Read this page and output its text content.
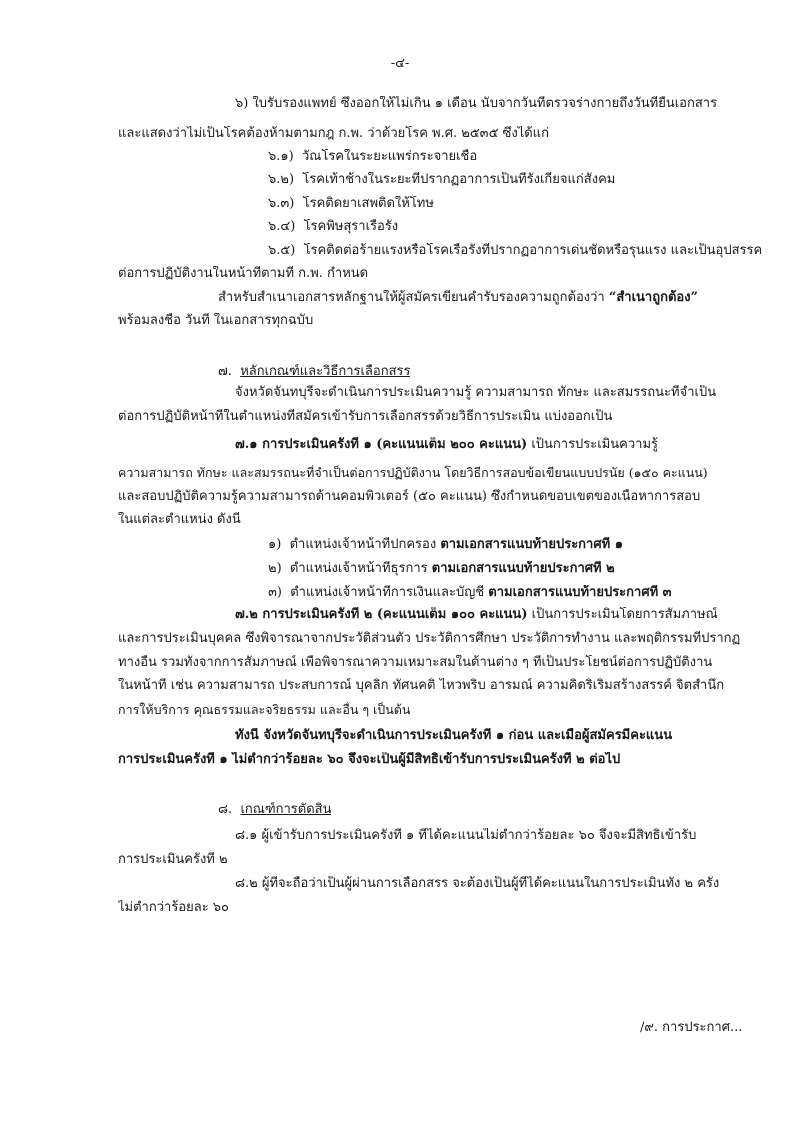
-๔-
๖) ใบรับรองแพทย์ ซึ่งออกให้ไม่เกิน ๑ เดือน นับจากวันที่ตรวจร่างกายถึงวันที่ยื่นเอกสาร
และแสดงว่าไม่เป็นโรคต้องห้ามตามกฎ ก.พ. ว่าด้วยโรค พ.ศ. ๒๕๓๕ ซึ่งได้แก่
๖.๑) วัณโรคในระยะแพร่กระจายเชื้อ
๖.๒) โรคเท้าช้างในระยะที่ปรากฏอาการเป็นที่รังเกียจแก่สังคม
๖.๓) โรคติดยาเสพติดให้โทษ
๖.๔) โรคพิษสุราเรื้อรัง
๖.๕) โรคติดต่อร้ายแรงหรือโรคเรื้อรังที่ปรากฏอาการเด่นชัดหรือรุนแรง และเป็นอุปสรรค
ต่อการปฏิบัติงานในหน้าที่ตามที่ ก.พ. กำหนด
สำหรับสำเนาเอกสารหลักฐานให้ผู้สมัครเขียนคำรับรองความถูกต้องว่า “สำเนาถูกต้อง”
พร้อมลงชื่อ วันที่ ในเอกสารทุกฉบับ
๗. หลักเกณฑ์และวิธีการเลือกสรร
จังหวัดจันทบุรีจะดำเนินการประเมินความรู้ ความสามารถ ทักษะ และสมรรถนะที่จำเป็น
ต่อการปฏิบัติหน้าที่ในตำแหน่งที่สมัครเข้ารับการเลือกสรรด้วยวิธีการประเมิน แบ่งออกเป็น
๗.๑ การประเมินครั้งที่ ๑ (คะแนนเต็ม ๒๐๐ คะแนน) เป็นการประเมินความรู้
ความสามารถ ทักษะ และสมรรถนะที่จำเป็นต่อการปฏิบัติงาน โดยวิธีการสอบข้อเขียนแบบปรนัย (๑๕๐ คะแนน)
และสอบปฏิบัติความรู้ความสามารถด้านคอมพิวเตอร์ (๕๐ คะแนน) ซึ่งกำหนดขอบเขตของเนื้อหาการสอบ
ในแต่ละตำแหน่ง ดังนี้
๑) ตำแหน่งเจ้าหน้าที่ปกครอง ตามเอกสารแนบท้ายประกาศที่ ๑
๒) ตำแหน่งเจ้าหน้าที่ธุรการ ตามเอกสารแนบท้ายประกาศที่ ๒
๓) ตำแหน่งเจ้าหน้าที่การเงินและบัญชี ตามเอกสารแนบท้ายประกาศที่ ๓
๗.๒ การประเมินครั้งที่ ๒ (คะแนนเต็ม ๑๐๐ คะแนน) เป็นการประเมินโดยการสัมภาษณ์
และการประเมินบุคคล ซึ่งพิจารณาจากประวัติส่วนตัว ประวัติการศึกษา ประวัติการทำงาน และพฤติกรรมที่ปรากฏ
ทางอื่น รวมทั้งจากการสัมภาษณ์ เพื่อพิจารณาความเหมาะสมในด้านต่าง ๆ ที่เป็นประโยชน์ต่อการปฏิบัติงาน
ในหน้าที่ เช่น ความสามารถ ประสบการณ์ บุคลิก ทัศนคติ ไหวพริบ อารมณ์ ความคิดริเริ่มสร้างสรรค์ จิตสำนึก
การให้บริการ คุณธรรมและจริยธรรม และอื่น ๆ เป็นต้น
ทั้งนี้ จังหวัดจันทบุรีจะดำเนินการประเมินครั้งที่ ๑ ก่อน และเมื่อผู้สมัครมีคะแนน
การประเมินครั้งที่ ๑ ไม่ต่ำกว่าร้อยละ ๖๐ จึงจะเป็นผู้มีสิทธิเข้ารับการประเมินครั้งที่ ๒ ต่อไป
๘. เกณฑ์การตัดสิน
๘.๑ ผู้เข้ารับการประเมินครั้งที่ ๑ ที่ได้คะแนนไม่ต่ำกว่าร้อยละ ๖๐ จึงจะมีสิทธิเข้ารับ
การประเมินครั้งที่ ๒
๘.๒ ผู้ที่จะถือว่าเป็นผู้ผ่านการเลือกสรร จะต้องเป็นผู้ที่ได้คะแนนในการประเมินทั้ง ๒ ครั้ง
ไม่ต่ำกว่าร้อยละ ๖๐
/๙. การประกาศ...
